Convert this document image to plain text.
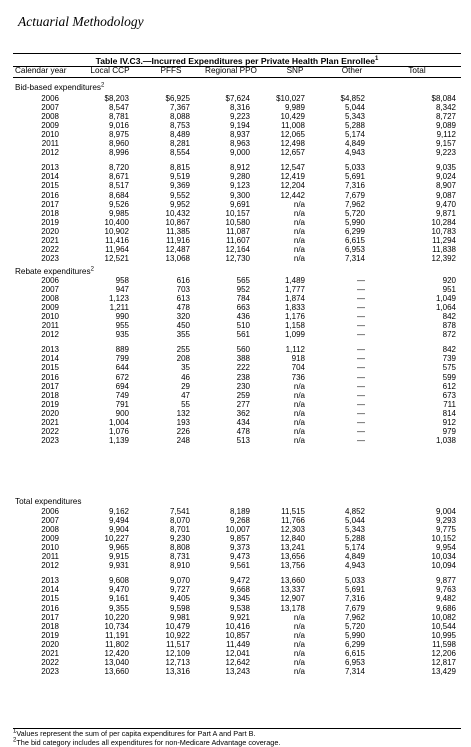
Actuarial Methodology
Table IV.C3.—Incurred Expenditures per Private Health Plan Enrollee$^1$
Calendar year	Local CCP	PFFS	Regional PPO	SNP	Other	Total
Bid-based expenditures$^2$
2006	$8,203	$6,925	$7,624	$10,027	$4,852	$8,084
2007	8,547	7,367	8,316	9,989	5,044	8,342
2008	8,781	8,088	9,223	10,429	5,343	8,727
2009	9,016	8,753	9,194	11,008	5,288	9,089
2010	8,975	8,489	8,937	12,065	5,174	9,112
2011	8,960	8,281	8,963	12,498	4,849	9,157
2012	8,996	8,554	9,000	12,657	4,943	9,223
2013	8,720	8,815	8,912	12,547	5,033	9,035
2014	8,671	9,519	9,280	12,419	5,691	9,024
2015	8,517	9,369	9,123	12,204	7,316	8,907
2016	8,684	9,552	9,300	12,442	7,679	9,087
2017	9,526	9,952	9,691	n/a	7,962	9,470
2018	9,985	10,432	10,157	n/a	5,720	9,871
2019	10,400	10,867	10,580	n/a	5,990	10,284
2020	10,902	11,385	11,087	n/a	6,299	10,783
2021	11,416	11,916	11,607	n/a	6,615	11,294
2022	11,964	12,487	12,164	n/a	6,953	11,838
2023	12,521	13,068	12,730	n/a	7,314	12,392
Rebate expenditures$^2$
2006	958	616	565	1,489	—	920
2007	947	703	952	1,777	—	951
2008	1,123	613	784	1,874	—	1,049
2009	1,211	478	663	1,833	—	1,064
2010	990	320	436	1,176	—	842
2011	955	450	510	1,158	—	878
2012	935	355	561	1,099	—	872
2013	889	255	560	1,112	—	842
2014	799	208	388	918	—	739
2015	644	35	222	704	—	575
2016	672	46	238	736	—	599
2017	694	29	230	n/a	—	612
2018	749	47	259	n/a	—	673
2019	791	55	277	n/a	—	711
2020	900	132	362	n/a	—	814
2021	1,004	193	434	n/a	—	912
2022	1,076	226	478	n/a	—	979
2023	1,139	248	513	n/a	—	1,038
Total expenditures
2006	9,162	7,541	8,189	11,515	4,852	9,004
2007	9,494	8,070	9,268	11,766	5,044	9,293
2008	9,904	8,701	10,007	12,303	5,343	9,775
2009	10,227	9,230	9,857	12,840	5,288	10,152
2010	9,965	8,808	9,373	13,241	5,174	9,954
2011	9,915	8,731	9,473	13,656	4,849	10,034
2012	9,931	8,910	9,561	13,756	4,943	10,094
2013	9,608	9,070	9,472	13,660	5,033	9,877
2014	9,470	9,727	9,668	13,337	5,691	9,763
2015	9,161	9,405	9,345	12,907	7,316	9,482
2016	9,355	9,598	9,538	13,178	7,679	9,686
2017	10,220	9,981	9,921	n/a	7,962	10,082
2018	10,734	10,479	10,416	n/a	5,720	10,544
2019	11,191	10,922	10,857	n/a	5,990	10,995
2020	11,802	11,517	11,449	n/a	6,299	11,598
2021	12,420	12,109	12,041	n/a	6,615	12,206
2022	13,040	12,713	12,642	n/a	6,953	12,817
2023	13,660	13,316	13,243	n/a	7,314	13,429
$^1$Values represent the sum of per capita expenditures for Part A and Part B.
$^2$The bid category includes all expenditures for non-Medicare Advantage coverage.
